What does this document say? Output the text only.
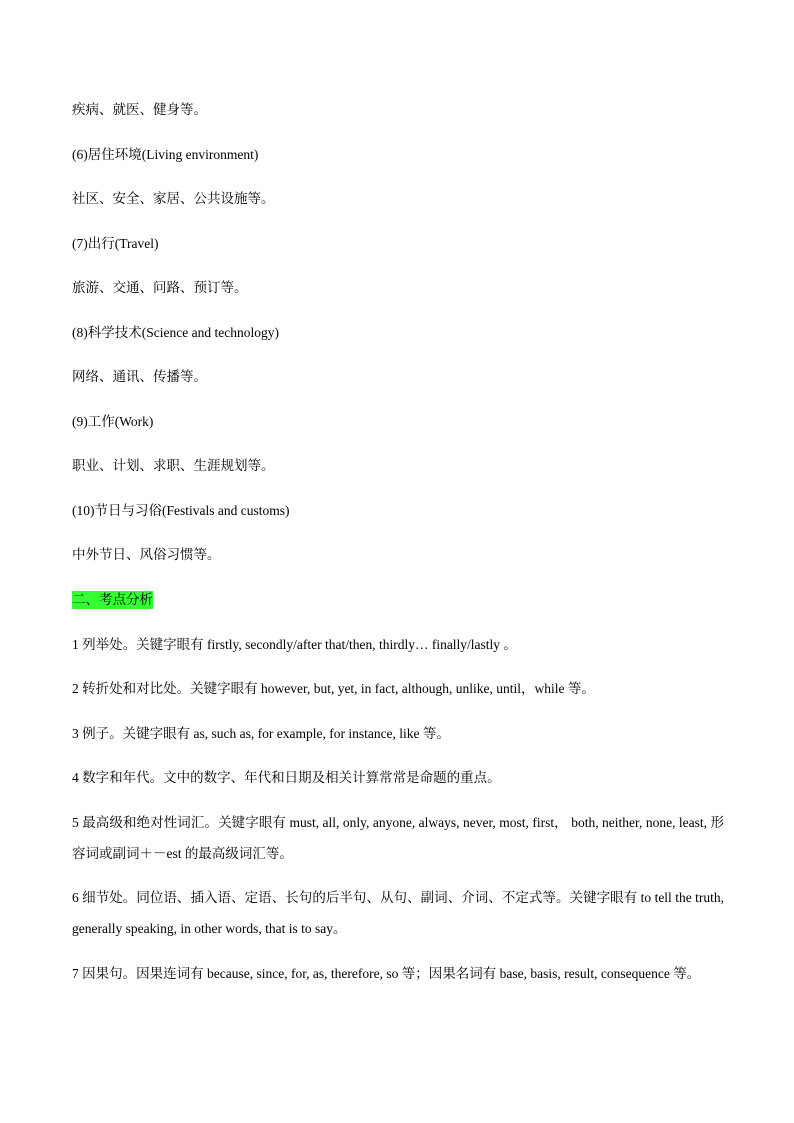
疾病、就医、健身等。
(6)居住环境(Living environment)
社区、安全、家居、公共设施等。
(7)出行(Travel)
旅游、交通、问路、预订等。
(8)科学技术(Science and technology)
网络、通讯、传播等。
(9)工作(Work)
职业、计划、求职、生涯规划等。
(10)节日与习俗(Festivals and customs)
中外节日、风俗习惯等。
二、考点分析
1 列举处。关键字眼有 firstly, secondly/after that/then, thirdly… finally/lastly 。
2 转折处和对比处。关键字眼有 however, but, yet, in fact, although, unlike, until，while 等。
3 例子。关键字眼有 as, such as, for example, for instance, like 等。
4 数字和年代。文中的数字、年代和日期及相关计算常常是命题的重点。
5 最高级和绝对性词汇。关键字眼有 must, all, only, anyone, always, never, most, first， both, neither, none, least, 形容词或副词＋－est 的最高级词汇等。
6 细节处。同位语、插入语、定语、长句的后半句、从句、副词、介词、不定式等。关键字眼有 to tell the truth, generally speaking, in other words, that is to say。
7 因果句。因果连词有 because, since, for, as, therefore, so 等；因果名词有 base, basis, result, consequence 等。
